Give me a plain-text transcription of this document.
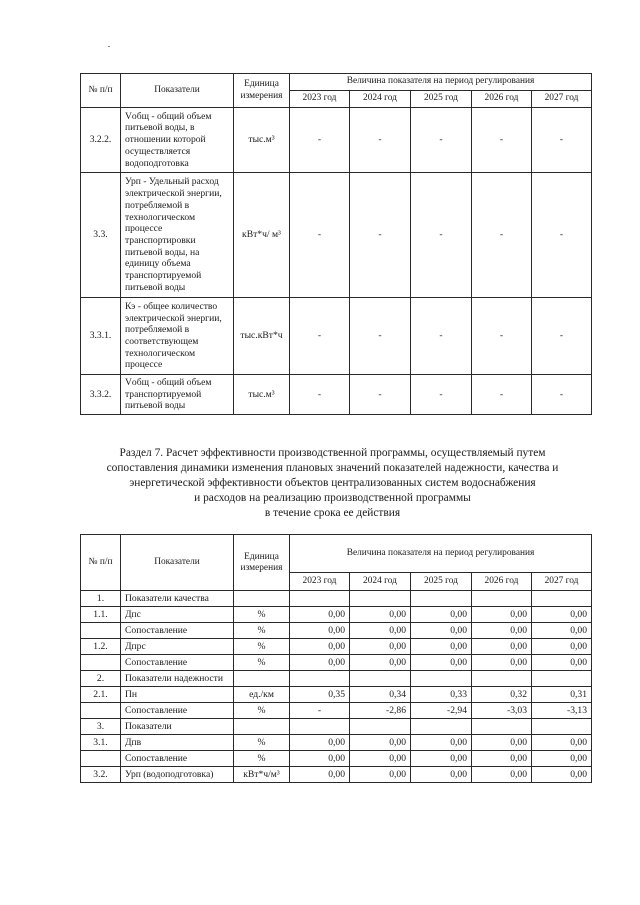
№ п/п	Показатели	Единица измерения	Величина показателя на период регулирования				
			2023 год	2024 год	2025 год	2026 год	2027 год
3.2.2.	Vобщ - общий объем питьевой воды, в отношении которой осуществляется водоподготовка	тыс.м³	-	-	-	-	-
3.3.	Урп - Удельный расход электрической энергии, потребляемой в технологическом процессе транспортировки питьевой воды, на единицу объема транспортируемой питьевой воды	кВт*ч/ м³	-	-	-	-	-
3.3.1.	Кэ - общее количество электрической энергии, потребляемой в соответствующем технологическом процессе	тыс.кВт*ч	-	-	-	-	-
3.3.2.	Vобщ - общий объем транспортируемой питьевой воды	тыс.м³	-	-	-	-	-
Раздел 7. Расчет эффективности производственной программы, осуществляемый путем
сопоставления динамики изменения плановых значений показателей надежности, качества и
энергетической эффективности объектов централизованных систем водоснабжения
и расходов на реализацию производственной программы
в течение срока ее действия
№ п/п	Показатели	Единица измерения	Величина показателя на период регулирования				
			2023 год	2024 год	2025 год	2026 год	2027 год
1.	Показатели качества						
1.1.	Дпс	%	0,00	0,00	0,00	0,00	0,00
	Сопоставление	%	0,00	0,00	0,00	0,00	0,00
1.2.	Дпрс	%	0,00	0,00	0,00	0,00	0,00
	Сопоставление	%	0,00	0,00	0,00	0,00	0,00
2.	Показатели надежности						
2.1.	Пн	ед./км	0,35	0,34	0,33	0,32	0,31
	Сопоставление	%	-	-2,86	-2,94	-3,03	-3,13
3.	Показатели						
3.1.	Дпв	%	0,00	0,00	0,00	0,00	0,00
	Сопоставление	%	0,00	0,00	0,00	0,00	0,00
3.2.	Урп (водоподготовка)	кВт*ч/м³	0,00	0,00	0,00	0,00	0,00
